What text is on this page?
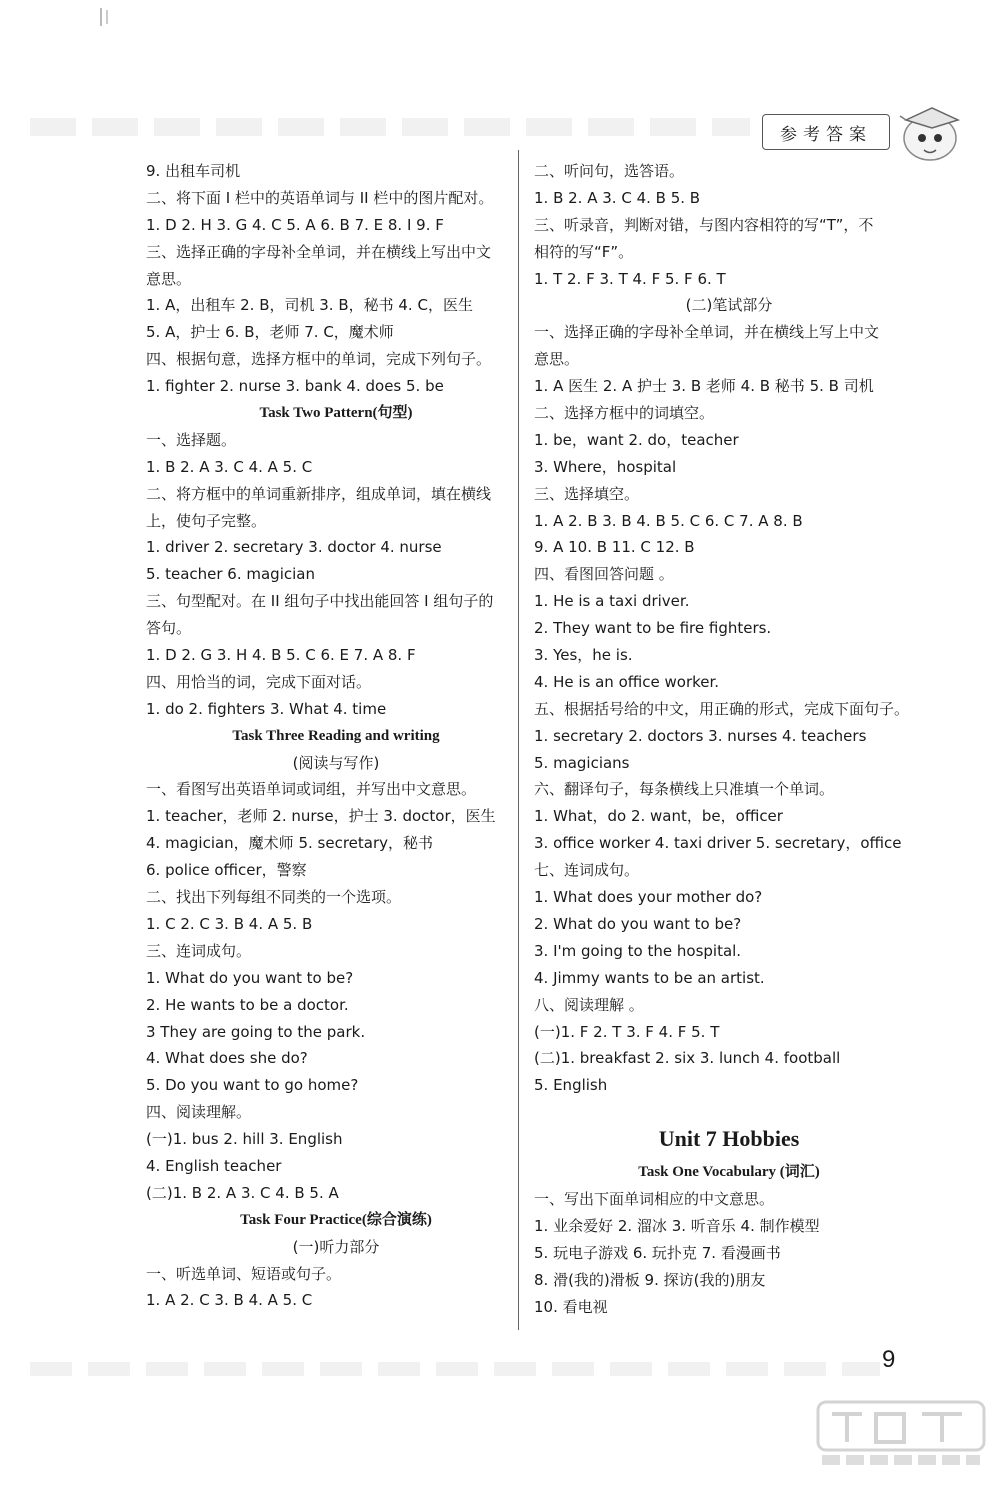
参考答案
9. 出租车司机
二、将下面 I 栏中的英语单词与 II 栏中的图片配对。
1. D 2. H 3. G 4. C 5. A 6. B 7. E 8. I 9. F
三、选择正确的字母补全单词，并在横线上写出中文
意思。
1. A，出租车 2. B，司机 3. B，秘书 4. C，医生
5. A，护士 6. B，老师 7. C，魔术师
四、根据句意，选择方框中的单词，完成下列句子。
1. fighter 2. nurse 3. bank 4. does 5. be
Task Two Pattern(句型)
一、选择题。
1. B 2. A 3. C 4. A 5. C
二、将方框中的单词重新排序，组成单词，填在横线
上，使句子完整。
1. driver 2. secretary 3. doctor 4. nurse
5. teacher 6. magician
三、句型配对。在 II 组句子中找出能回答 I 组句子的
答句。
1. D 2. G 3. H 4. B 5. C 6. E 7. A 8. F
四、用恰当的词，完成下面对话。
1. do 2. fighters 3. What 4. time
Task Three Reading and writing
(阅读与写作)
一、看图写出英语单词或词组，并写出中文意思。
1. teacher，老师 2. nurse，护士 3. doctor，医生
4. magician，魔术师 5. secretary，秘书
6. police officer，警察
二、找出下列每组不同类的一个选项。
1. C 2. C 3. B 4. A 5. B
三、连词成句。
1. What do you want to be?
2. He wants to be a doctor.
3 They are going to the park.
4. What does she do?
5. Do you want to go home?
四、阅读理解。
(一)1. bus 2. hill 3. English
4. English teacher
(二)1. B 2. A 3. C 4. B 5. A
Task Four Practice(综合演练)
(一)听力部分
一、听选单词、短语或句子。
1. A 2. C 3. B 4. A 5. C
二、听问句，选答语。
1. B 2. A 3. C 4. B 5. B
三、听录音，判断对错，与图内容相符的写“T”，不
相符的写“F”。
1. T 2. F 3. T 4. F 5. F 6. T
(二)笔试部分
一、选择正确的字母补全单词，并在横线上写上中文
意思。
1. A 医生 2. A 护士 3. B 老师 4. B 秘书 5. B 司机
二、选择方框中的词填空。
1. be，want 2. do，teacher
3. Where，hospital
三、选择填空。
1. A 2. B 3. B 4. B 5. C 6. C 7. A 8. B
9. A 10. B 11. C 12. B
四、看图回答问题 。
1. He is a taxi driver.
2. They want to be fire fighters.
3. Yes，he is.
4. He is an office worker.
五、根据括号给的中文，用正确的形式，完成下面句子。
1. secretary 2. doctors 3. nurses 4. teachers
5. magicians
六、翻译句子，每条横线上只准填一个单词。
1. What，do 2. want，be，officer
3. office worker 4. taxi driver 5. secretary，office
七、连词成句。
1. What does your mother do?
2. What do you want to be?
3. I'm going to the hospital.
4. Jimmy wants to be an artist.
八、阅读理解 。
(一)1. F 2. T 3. F 4. F 5. T
(二)1. breakfast 2. six 3. lunch 4. football
5. English
Unit 7 Hobbies
Task One Vocabulary (词汇)
一、写出下面单词相应的中文意思。
1. 业余爱好 2. 溜冰 3. 听音乐 4. 制作模型
5. 玩电子游戏 6. 玩扑克 7. 看漫画书
8. 滑(我的)滑板 9. 探访(我的)朋友
10. 看电视
9
